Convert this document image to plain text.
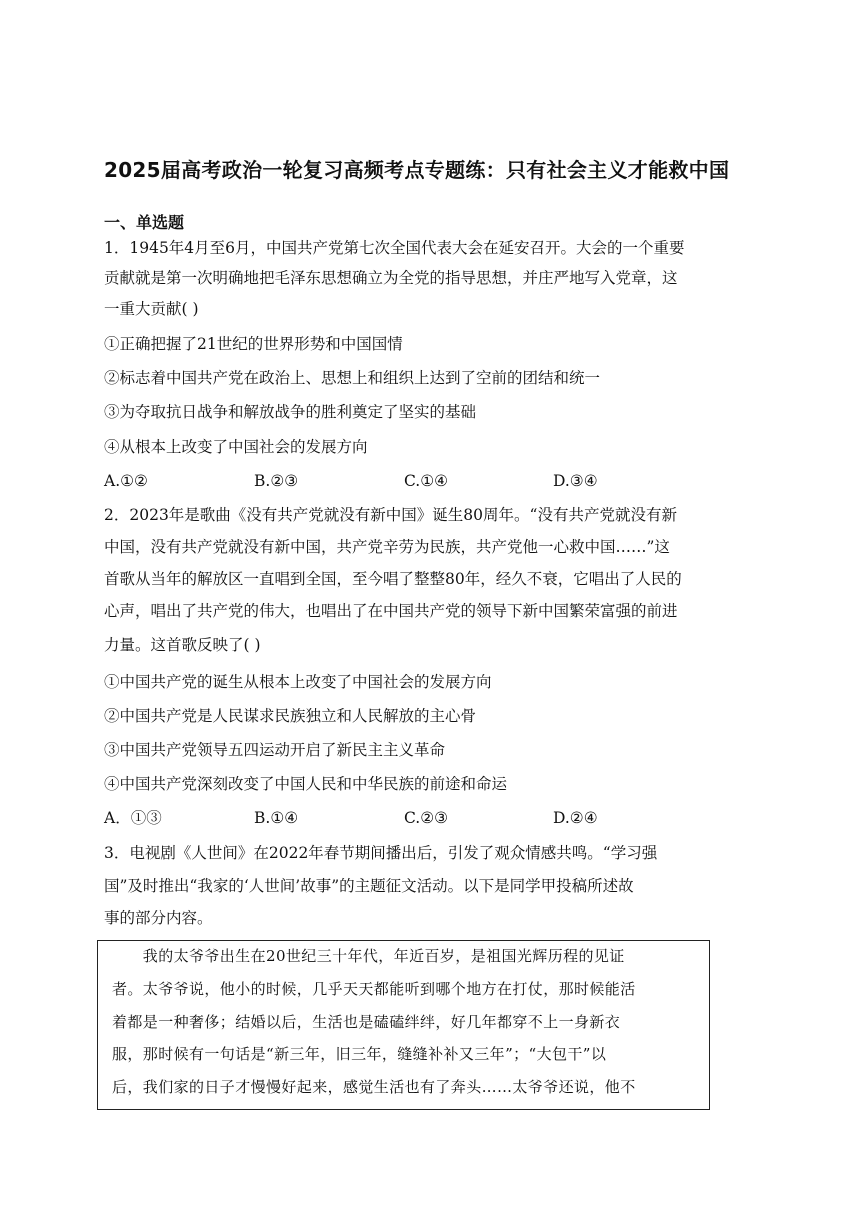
2025届高考政治一轮复习高频考点专题练：只有社会主义才能救中国
一、单选题
1．1945年4月至6月，中国共产党第七次全国代表大会在延安召开。大会的一个重要
贡献就是第一次明确地把毛泽东思想确立为全党的指导思想，并庄严地写入党章，这
一重大贡献( )
①正确把握了21世纪的世界形势和中国国情
②标志着中国共产党在政治上、思想上和组织上达到了空前的团结和统一
③为夺取抗日战争和解放战争的胜利奠定了坚实的基础
④从根本上改变了中国社会的发展方向
A.①②	B.②③	C.①④	D.③④
2．2023年是歌曲《没有共产党就没有新中国》诞生80周年。“没有共产党就没有新
中国，没有共产党就没有新中国，共产党辛劳为民族，共产党他一心救中国……”这
首歌从当年的解放区一直唱到全国，至今唱了整整80年，经久不衰，它唱出了人民的
心声，唱出了共产党的伟大，也唱出了在中国共产党的领导下新中国繁荣富强的前进
力量。这首歌反映了( )
①中国共产党的诞生从根本上改变了中国社会的发展方向
②中国共产党是人民谋求民族独立和人民解放的主心骨
③中国共产党领导五四运动开启了新民主主义革命
④中国共产党深刻改变了中国人民和中华民族的前途和命运
A．①③	B.①④	C.②③	D.②④
3．电视剧《人世间》在2022年春节期间播出后，引发了观众情感共鸣。“学习强
国”及时推出“我家的‘人世间’故事”的主题征文活动。以下是同学甲投稿所述故
事的部分内容。
　　我的太爷爷出生在20世纪三十年代，年近百岁，是祖国光辉历程的见证
者。太爷爷说，他小的时候，几乎天天都能听到哪个地方在打仗，那时候能活
着都是一种奢侈；结婚以后，生活也是磕磕绊绊，好几年都穿不上一身新衣
服，那时候有一句话是“新三年，旧三年，缝缝补补又三年”；“大包干”以
后，我们家的日子才慢慢好起来，感觉生活也有了奔头……太爷爷还说，他不
